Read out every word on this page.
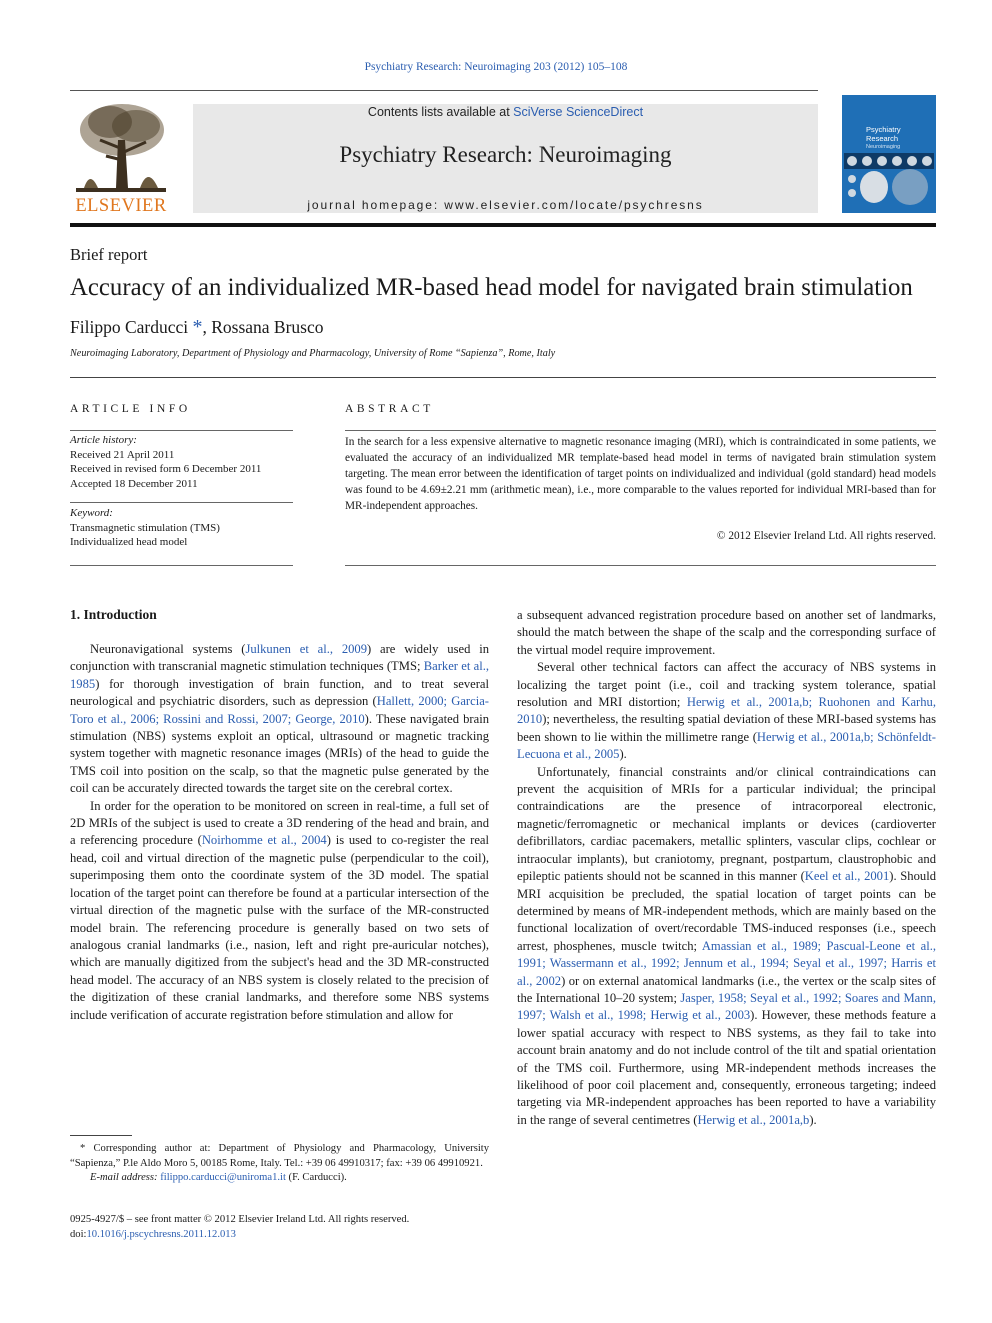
Psychiatry Research: Neuroimaging 203 (2012) 105–108
ELSEVIER
Contents lists available at SciVerse ScienceDirect
Psychiatry Research: Neuroimaging
journal homepage: www.elsevier.com/locate/psychresns
Psychiatry Research
Neuroimaging
Brief report
Accuracy of an individualized MR-based head model for navigated brain stimulation
Filippo Carducci *, Rossana Brusco
Neuroimaging Laboratory, Department of Physiology and Pharmacology, University of Rome “Sapienza”, Rome, Italy
ARTICLE INFO	ABSTRACT
Article history:
Received 21 April 2011
Received in revised form 6 December 2011
Accepted 18 December 2011
Keyword:
Transmagnetic stimulation (TMS)
Individualized head model
In the search for a less expensive alternative to magnetic resonance imaging (MRI), which is contraindicated in some patients, we evaluated the accuracy of an individualized MR template-based head model in terms of navigated brain stimulation system targeting. The mean error between the identification of target points on individualized and individual (gold standard) head models was found to be 4.69±2.21 mm (arithmetic mean), i.e., more comparable to the values reported for individual MRI-based than for MR-independent approaches.
© 2012 Elsevier Ireland Ltd. All rights reserved.
1. Introduction

Neuronavigational systems (Julkunen et al., 2009) are widely used in conjunction with transcranial magnetic stimulation techniques (TMS; Barker et al., 1985) for thorough investigation of brain function, and to treat several neurological and psychiatric disorders, such as depression (Hallett, 2000; Garcia-Toro et al., 2006; Rossini and Rossi, 2007; George, 2010). These navigated brain stimulation (NBS) systems exploit an optical, ultrasound or magnetic tracking system together with magnetic resonance images (MRIs) of the head to guide the TMS coil into position on the scalp, so that the magnetic pulse generated by the coil can be accurately directed towards the target site on the cerebral cortex.

In order for the operation to be monitored on screen in real-time, a full set of 2D MRIs of the subject is used to create a 3D rendering of the head and brain, and a referencing procedure (Noirhomme et al., 2004) is used to co-register the real head, coil and virtual direction of the magnetic pulse (perpendicular to the coil), superimposing them onto the coordinate system of the 3D model. The spatial location of the target point can therefore be found at a particular intersection of the virtual direction of the magnetic pulse with the surface of the MR-constructed model brain. The referencing procedure is generally based on two sets of analogous cranial landmarks (i.e., nasion, left and right pre-auricular notches), which are manually digitized from the subject's head and the 3D MR-constructed head model. The accuracy of an NBS system is closely related to the precision of the digitization of these cranial landmarks, and therefore some NBS systems include verification of accurate registration before stimulation and allow for

a subsequent advanced registration procedure based on another set of landmarks, should the match between the shape of the scalp and the corresponding surface of the virtual model require improvement.

Several other technical factors can affect the accuracy of NBS systems in localizing the target point (i.e., coil and tracking system tolerance, spatial resolution and MRI distortion; Herwig et al., 2001a,b; Ruohonen and Karhu, 2010); nevertheless, the resulting spatial deviation of these MRI-based systems has been shown to lie within the millimetre range (Herwig et al., 2001a,b; Schönfeldt-Lecuona et al., 2005).

Unfortunately, financial constraints and/or clinical contraindications can prevent the acquisition of MRIs for a particular individual; the principal contraindications are the presence of intracorporeal electronic, magnetic/ferromagnetic or mechanical implants or devices (cardioverter defibrillators, cardiac pacemakers, metallic splinters, vascular clips, cochlear or intraocular implants), but craniotomy, pregnant, postpartum, claustrophobic and epileptic patients should not be scanned in this manner (Keel et al., 2001). Should MRI acquisition be precluded, the spatial location of target points can be determined by means of MR-independent methods, which are mainly based on the functional localization of overt/recordable TMS-induced responses (i.e., speech arrest, phosphenes, muscle twitch; Amassian et al., 1989; Pascual-Leone et al., 1991; Wassermann et al., 1992; Jennum et al., 1994; Seyal et al., 1997; Harris et al., 2002) or on external anatomical landmarks (i.e., the vertex or the scalp sites of the International 10–20 system; Jasper, 1958; Seyal et al., 1992; Soares and Mann, 1997; Walsh et al., 1998; Herwig et al., 2003). However, these methods feature a lower spatial accuracy with respect to NBS systems, as they fail to take into account brain anatomy and do not include control of the tilt and spatial orientation of the TMS coil. Furthermore, using MR-independent methods increases the likelihood of poor coil placement and, consequently, erroneous targeting; indeed targeting via MR-independent approaches has been reported to have a variability in the range of several centimetres (Herwig et al., 2001a,b).

* Corresponding author at: Department of Physiology and Pharmacology, University “Sapienza,” P.le Aldo Moro 5, 00185 Rome, Italy. Tel.: +39 06 49910317; fax: +39 06 49910921.
E-mail address: filippo.carducci@uniroma1.it (F. Carducci).
0925-4927/$ – see front matter © 2012 Elsevier Ireland Ltd. All rights reserved.
doi:10.1016/j.pscychresns.2011.12.013
